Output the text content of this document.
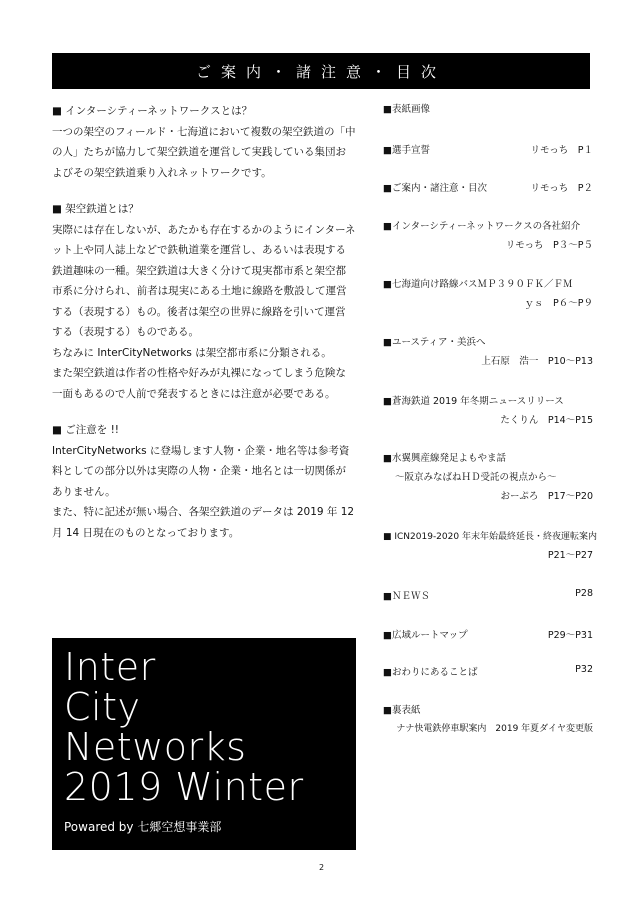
ご案内・諸注意・目次
■ インターシティーネットワークスとは？
一つの架空のフィールド・七海道において複数の架空鉄道の「中の人」たちが協力して架空鉄道を運営して実践している集団およびその架空鉄道乗り入れネットワークです。
■ 架空鉄道とは？
実際には存在しないが、あたかも存在するかのようにインターネット上や同人誌上などで鉄軌道業を運営し、あるいは表現する鉄道趣味の一種。架空鉄道は大きく分けて現実都市系と架空都市系に分けられ、前者は現実にある土地に線路を敷設して運営する（表現する）もの。後者は架空の世界に線路を引いて運営する（表現する）ものである。
ちなみに InterCityNetworks は架空都市系に分類される。
また架空鉄道は作者の性格や好みが丸裸になってしまう危険な一面もあるので人前で発表するときには注意が必要である。
■ ご注意を !!
InterCityNetworks に登場します人物・企業・地名等は参考資料としての部分以外は実際の人物・企業・地名とは一切関係がありません。
また、特に記述が無い場合、各架空鉄道のデータは 2019 年 12 月 14 日現在のものとなっております。
Inter
City
Networks
2019 Winter
Powared by 七郷空想事業部
■表紙画像
■選手宣誓	リモっち　P１
■ご案内・諸注意・目次	リモっち　P２
■インターシティーネットワークスの各社紹介
リモっち　P３～P５
■七海道向け路線バスＭＰ３９０ＦＫ／ＦＭ
ｙｓ　P６～P９
■ユースティア・美浜へ
上石原　浩一　P10～P13
■蒼海鉄道 2019 年冬期ニュースリリース
たくりん　P14～P15
■水翼興産線発足よもやま話
～阪京みなばねＨＤ受託の視点から～
おーぷろ　P17～P20
■ ICN2019-2020 年末年始最終延長・終夜運転案内
P21～P27
■ＮＥＷＳ	P28
■広域ルートマップ	P29～P31
■おわりにあることば	P32
■裏表紙
ナナ快電鉄停車駅案内　2019 年夏ダイヤ変更版
2
